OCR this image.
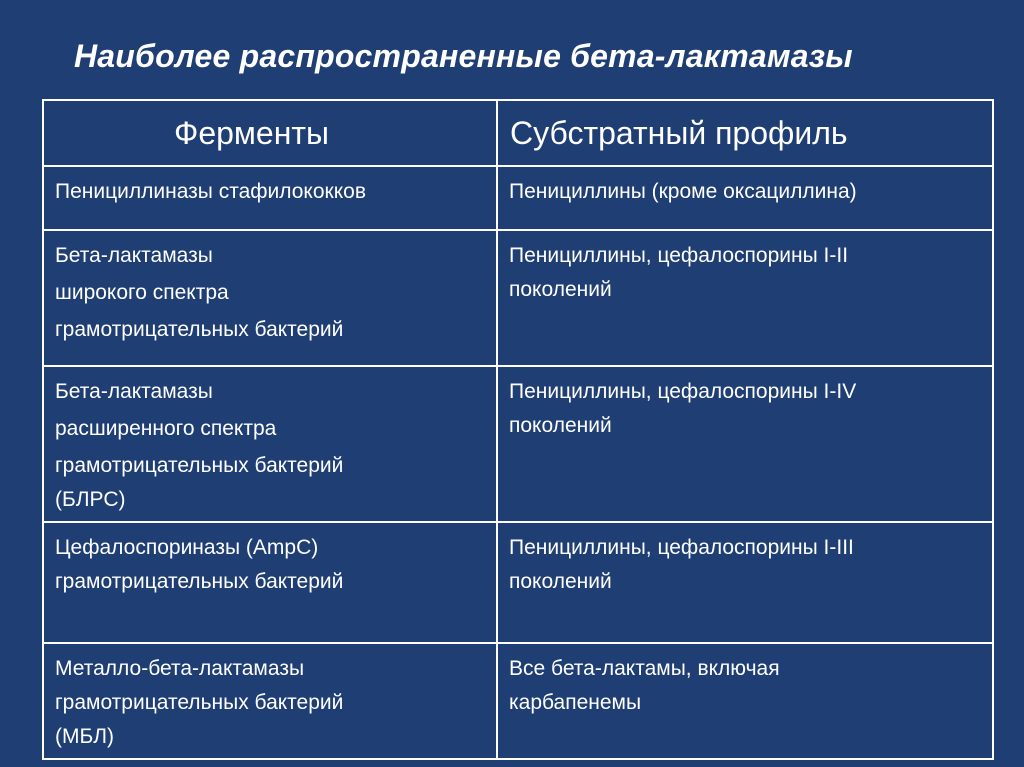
Наиболее распространенные бета-лактамазы
Ферменты	Субстратный профиль

Пенициллиназы стафилококков	Пенициллины (кроме оксациллина)

Бета-лактамазы
широкого спектра
грамотрицательных бактерий	Пенициллины, цефалоспорины I-II
поколений

Бета-лактамазы
расширенного спектра
грамотрицательных бактерий
(БЛРС)	Пенициллины, цефалоспорины I-IV
поколений

Цефалоспориназы (AmpC)
грамотрицательных бактерий	Пенициллины, цефалоспорины I-III
поколений

Металло-бета-лактамазы
грамотрицательных бактерий
(МБЛ)	Все бета-лактамы, включая
карбапенемы
